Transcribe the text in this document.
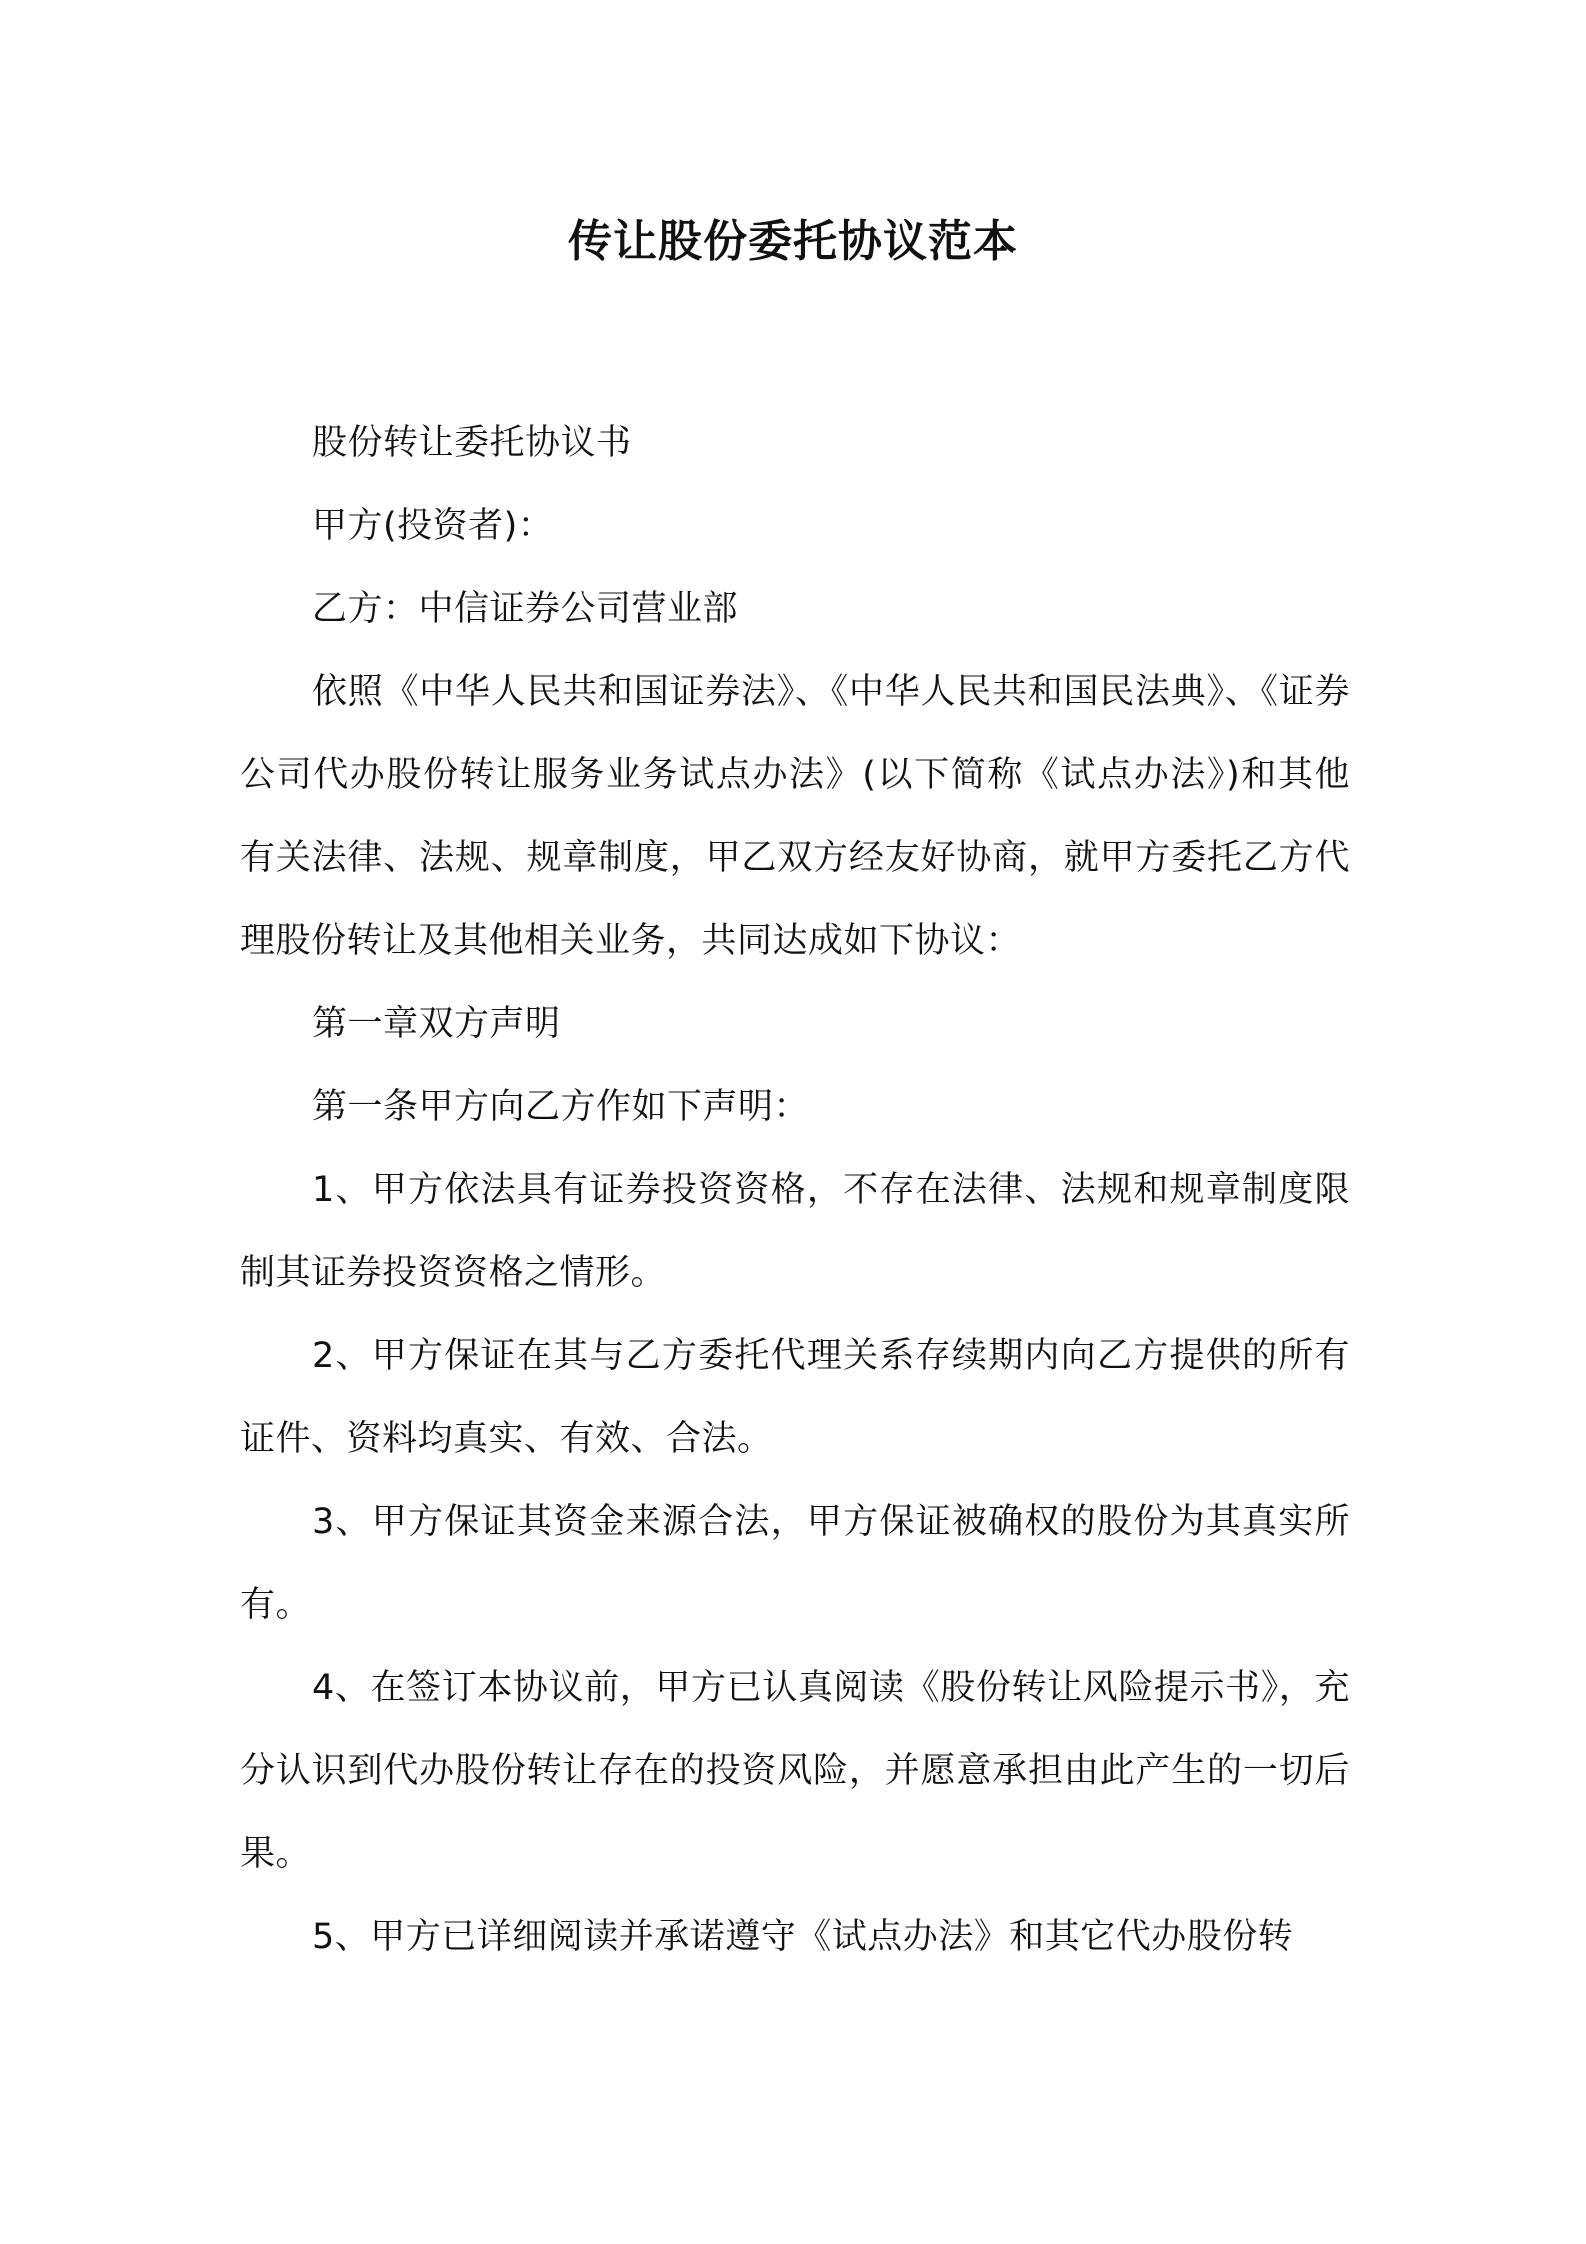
传让股份委托协议范本

股份转让委托协议书

甲方(投资者)：

乙方：中信证券公司营业部

依照《中华人民共和国证券法》、《中华人民共和国民法典》、《证券公司代办股份转让服务业务试点办法》(以下简称《试点办法》)和其他有关法律、法规、规章制度，甲乙双方经友好协商，就甲方委托乙方代理股份转让及其他相关业务，共同达成如下协议：

第一章双方声明

第一条甲方向乙方作如下声明：

1、甲方依法具有证券投资资格，不存在法律、法规和规章制度限制其证券投资资格之情形。

2、甲方保证在其与乙方委托代理关系存续期内向乙方提供的所有证件、资料均真实、有效、合法。

3、甲方保证其资金来源合法，甲方保证被确权的股份为其真实所有。

4、在签订本协议前，甲方已认真阅读《股份转让风险提示书》，充分认识到代办股份转让存在的投资风险，并愿意承担由此产生的一切后果。

5、甲方已详细阅读并承诺遵守《试点办法》和其它代办股份转
